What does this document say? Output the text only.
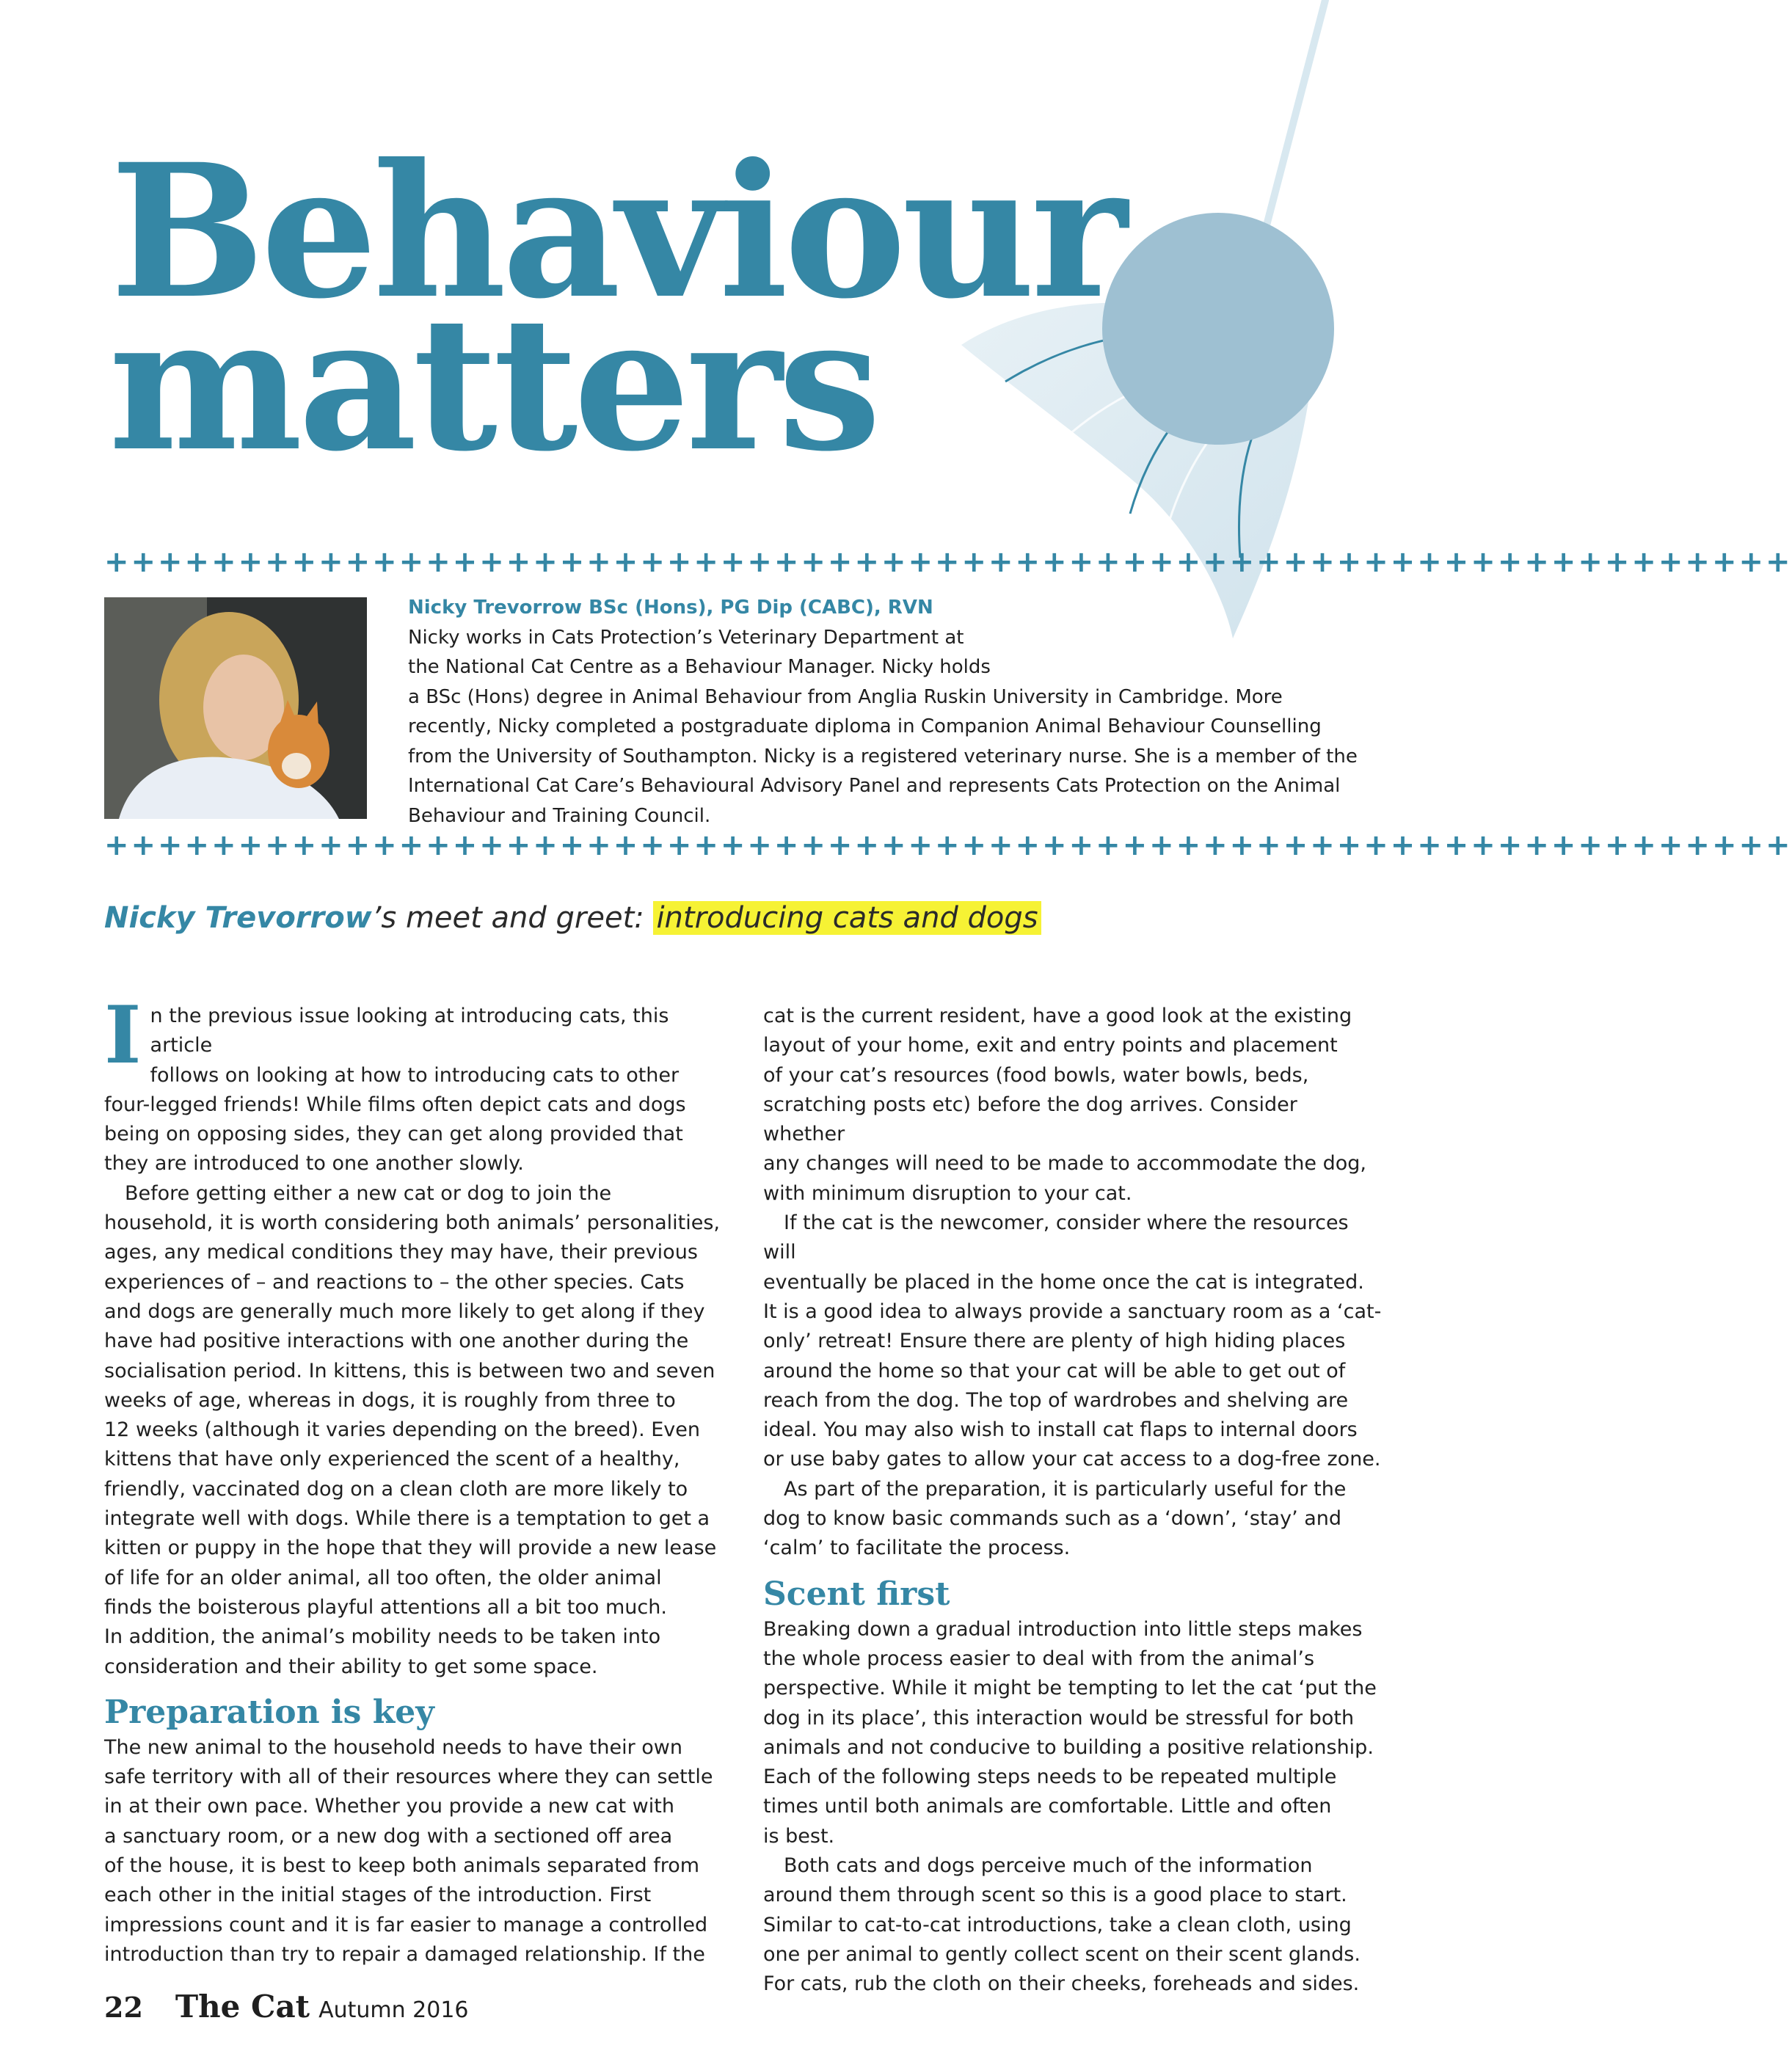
Behaviour
matters
+++++++++++++++++++++++++++++++++++++++++++++++++++++++++++++++

Nicky Trevorrow BSc (Hons), PG Dip (CABC), RVN

Nicky works in Cats Protection’s Veterinary Department at

the National Cat Centre as a Behaviour Manager. Nicky holds

a BSc (Hons) degree in Animal Behaviour from Anglia Ruskin University in Cambridge. More

recently, Nicky completed a postgraduate diploma in Companion Animal Behaviour Counselling

from the University of Southampton. Nicky is a registered veterinary nurse. She is a member of the

International Cat Care’s Behavioural Advisory Panel and represents Cats Protection on the Animal

Behaviour and Training Council.

+++++++++++++++++++++++++++++++++++++++++++++++++++++++++++++++
Nicky Trevorrow’s meet and greet: introducing cats and dogs
I n the previous issue looking at introducing cats, this article

follows on looking at how to introducing cats to other

four-legged friends! While films often depict cats and dogs

being on opposing sides, they can get along provided that

they are introduced to one another slowly.

Before getting either a new cat or dog to join the

household, it is worth considering both animals’ personalities,

ages, any medical conditions they may have, their previous

experiences of – and reactions to – the other species. Cats

and dogs are generally much more likely to get along if they

have had positive interactions with one another during the

socialisation period. In kittens, this is between two and seven

weeks of age, whereas in dogs, it is roughly from three to

12 weeks (although it varies depending on the breed). Even

kittens that have only experienced the scent of a healthy,

friendly, vaccinated dog on a clean cloth are more likely to

integrate well with dogs. While there is a temptation to get a

kitten or puppy in the hope that they will provide a new lease

of life for an older animal, all too often, the older animal

finds the boisterous playful attentions all a bit too much.

In addition, the animal’s mobility needs to be taken into

consideration and their ability to get some space.

Preparation is key

The new animal to the household needs to have their own

safe territory with all of their resources where they can settle

in at their own pace. Whether you provide a new cat with

a sanctuary room, or a new dog with a sectioned off area

of the house, it is best to keep both animals separated from

each other in the initial stages of the introduction. First

impressions count and it is far easier to manage a controlled

introduction than try to repair a damaged relationship. If the

cat is the current resident, have a good look at the existing

layout of your home, exit and entry points and placement

of your cat’s resources (food bowls, water bowls, beds,

scratching posts etc) before the dog arrives. Consider whether

any changes will need to be made to accommodate the dog,

with minimum disruption to your cat.

If the cat is the newcomer, consider where the resources will

eventually be placed in the home once the cat is integrated.

It is a good idea to always provide a sanctuary room as a ‘cat-

only’ retreat! Ensure there are plenty of high hiding places

around the home so that your cat will be able to get out of

reach from the dog. The top of wardrobes and shelving are

ideal. You may also wish to install cat flaps to internal doors

or use baby gates to allow your cat access to a dog-free zone.

As part of the preparation, it is particularly useful for the

dog to know basic commands such as a ‘down’, ‘stay’ and

‘calm’ to facilitate the process.

Scent first

Breaking down a gradual introduction into little steps makes

the whole process easier to deal with from the animal’s

perspective. While it might be tempting to let the cat ‘put the

dog in its place’, this interaction would be stressful for both

animals and not conducive to building a positive relationship.

Each of the following steps needs to be repeated multiple

times until both animals are comfortable. Little and often

is best.

Both cats and dogs perceive much of the information

around them through scent so this is a good place to start.

Similar to cat-to-cat introductions, take a clean cloth, using

one per animal to gently collect scent on their scent glands.

For cats, rub the cloth on their cheeks, foreheads and sides.

22 The Cat Autumn 2016
